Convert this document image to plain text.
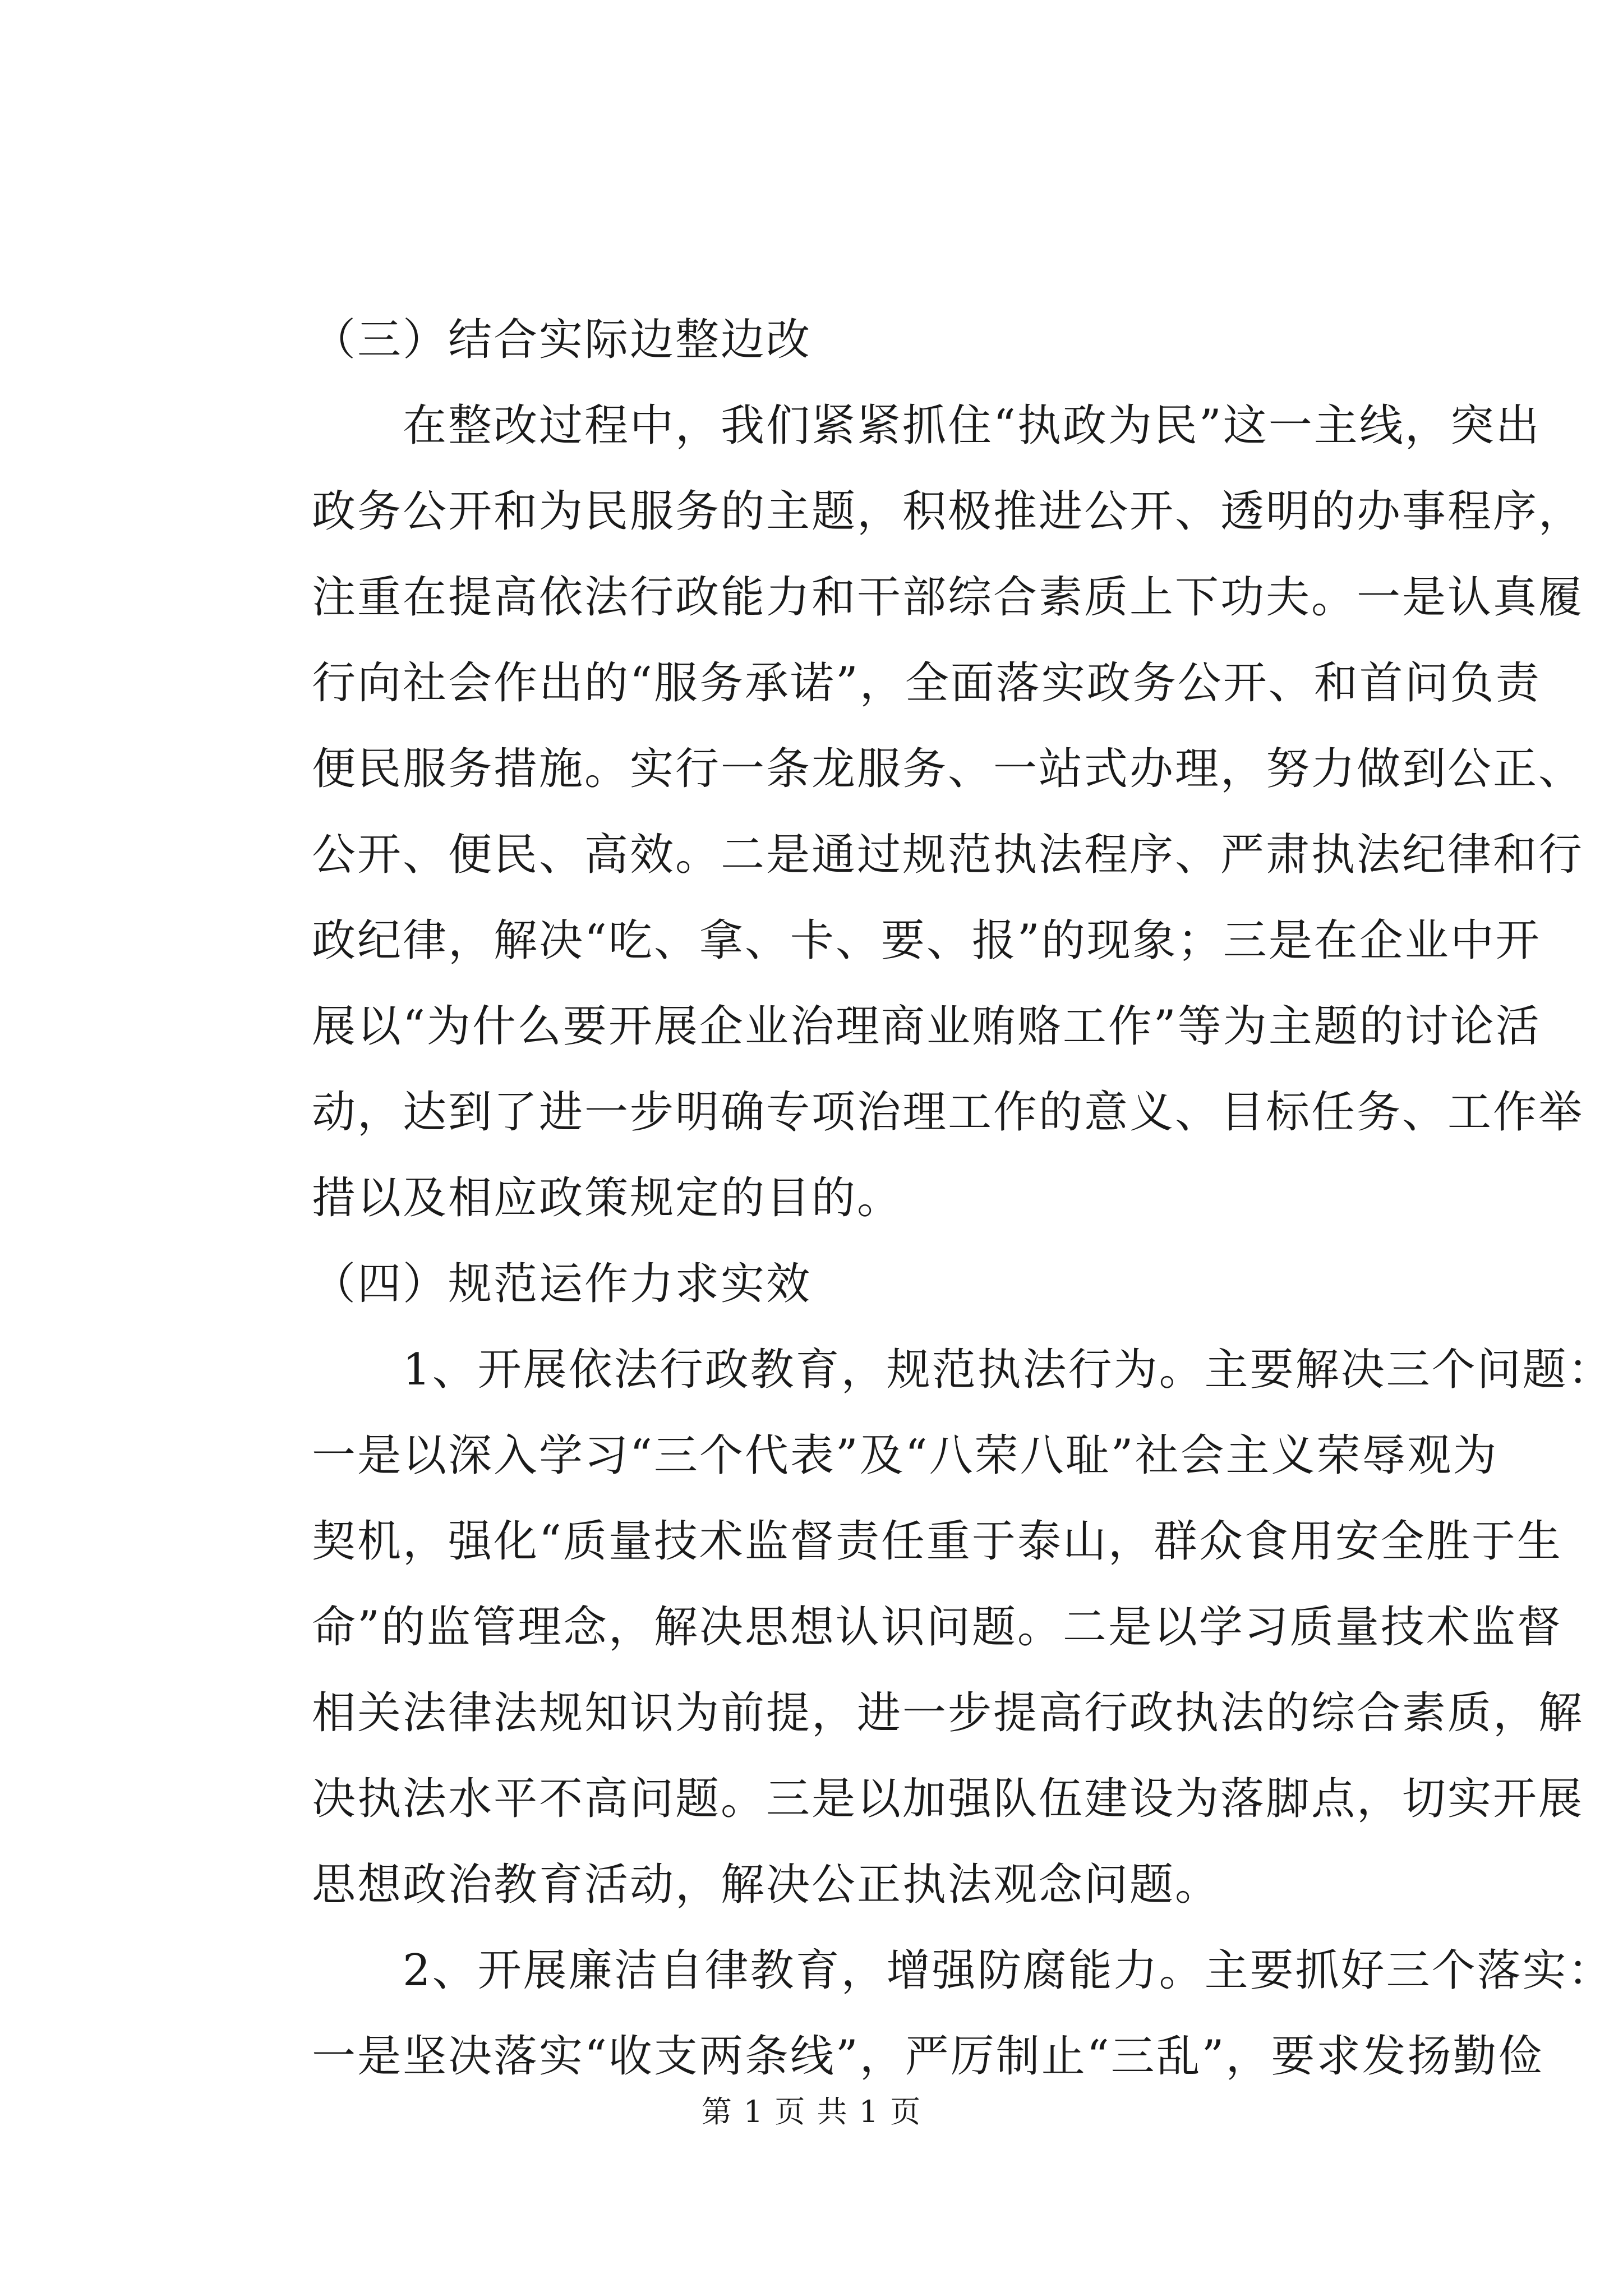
（三）结合实际边整边改
　　在整改过程中，我们紧紧抓住“执政为民”这一主线，突出
政务公开和为民服务的主题，积极推进公开、透明的办事程序，
注重在提高依法行政能力和干部综合素质上下功夫。一是认真履
行向社会作出的“服务承诺”，全面落实政务公开、和首问负责
便民服务措施。实行一条龙服务、一站式办理，努力做到公正、
公开、便民、高效。二是通过规范执法程序、严肃执法纪律和行
政纪律，解决“吃、拿、卡、要、报”的现象；三是在企业中开
展以“为什么要开展企业治理商业贿赂工作”等为主题的讨论活
动，达到了进一步明确专项治理工作的意义、目标任务、工作举
措以及相应政策规定的目的。
（四）规范运作力求实效
　　1、开展依法行政教育，规范执法行为。主要解决三个问题：
一是以深入学习“三个代表”及“八荣八耻”社会主义荣辱观为
契机，强化“质量技术监督责任重于泰山，群众食用安全胜于生
命”的监管理念，解决思想认识问题。二是以学习质量技术监督
相关法律法规知识为前提，进一步提高行政执法的综合素质，解
决执法水平不高问题。三是以加强队伍建设为落脚点，切实开展
思想政治教育活动，解决公正执法观念问题。
　　2、开展廉洁自律教育，增强防腐能力。主要抓好三个落实：
一是坚决落实“收支两条线”，严厉制止“三乱”，要求发扬勤俭
第 1 页 共 1 页
